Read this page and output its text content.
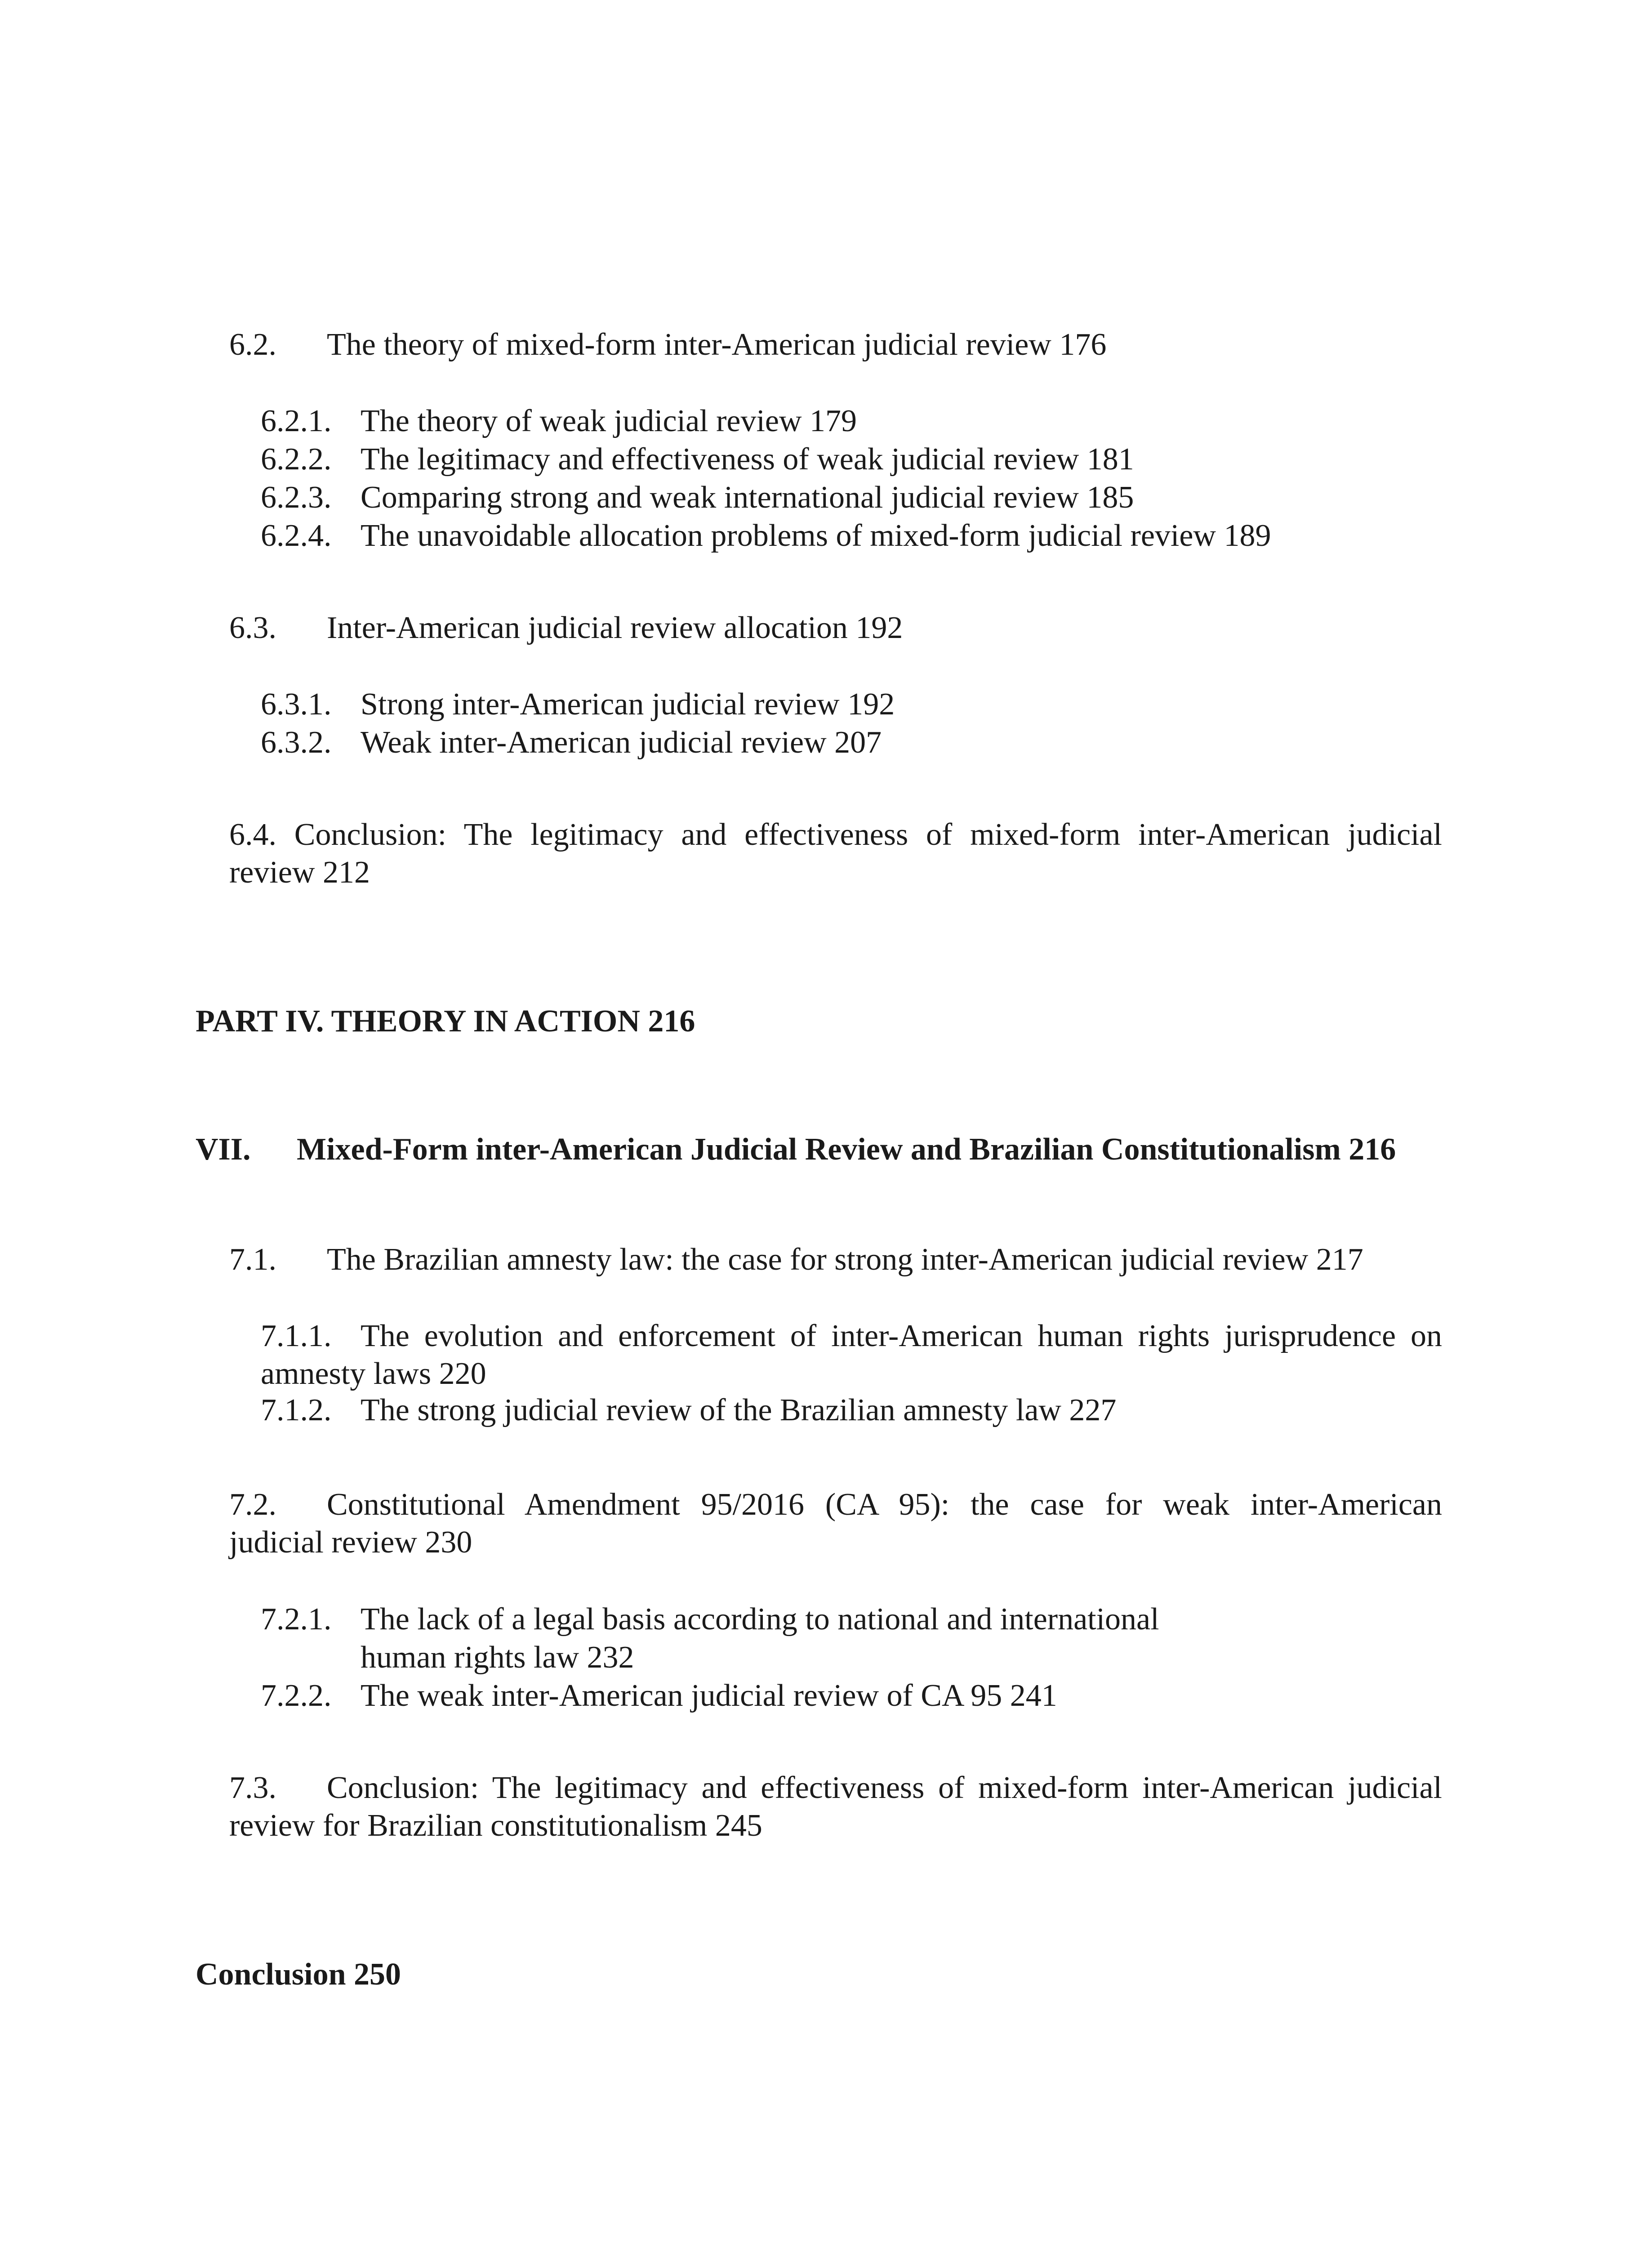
6.2. The theory of mixed-form inter-American judicial review 176
6.2.1. The theory of weak judicial review 179
6.2.2. The legitimacy and effectiveness of weak judicial review 181
6.2.3. Comparing strong and weak international judicial review 185
6.2.4. The unavoidable allocation problems of mixed-form judicial review 189
6.3. Inter-American judicial review allocation 192
6.3.1. Strong inter-American judicial review 192
6.3.2. Weak inter-American judicial review 207
6.4. Conclusion: The legitimacy and effectiveness of mixed-form inter-American judicial
review 212
PART IV. THEORY IN ACTION 216
VII. Mixed-Form inter-American Judicial Review and Brazilian Constitutionalism 216
7.1. The Brazilian amnesty law: the case for strong inter-American judicial review 217
7.1.1. The evolution and enforcement of inter-American human rights jurisprudence on
amnesty laws 220
7.1.2. The strong judicial review of the Brazilian amnesty law 227
7.2. Constitutional Amendment 95/2016 (CA 95): the case for weak inter-American
judicial review 230
7.2.1. The lack of a legal basis according to national and international
human rights law 232
7.2.2. The weak inter-American judicial review of CA 95 241
7.3. Conclusion: The legitimacy and effectiveness of mixed-form inter-American judicial
review for Brazilian constitutionalism 245
Conclusion 250
